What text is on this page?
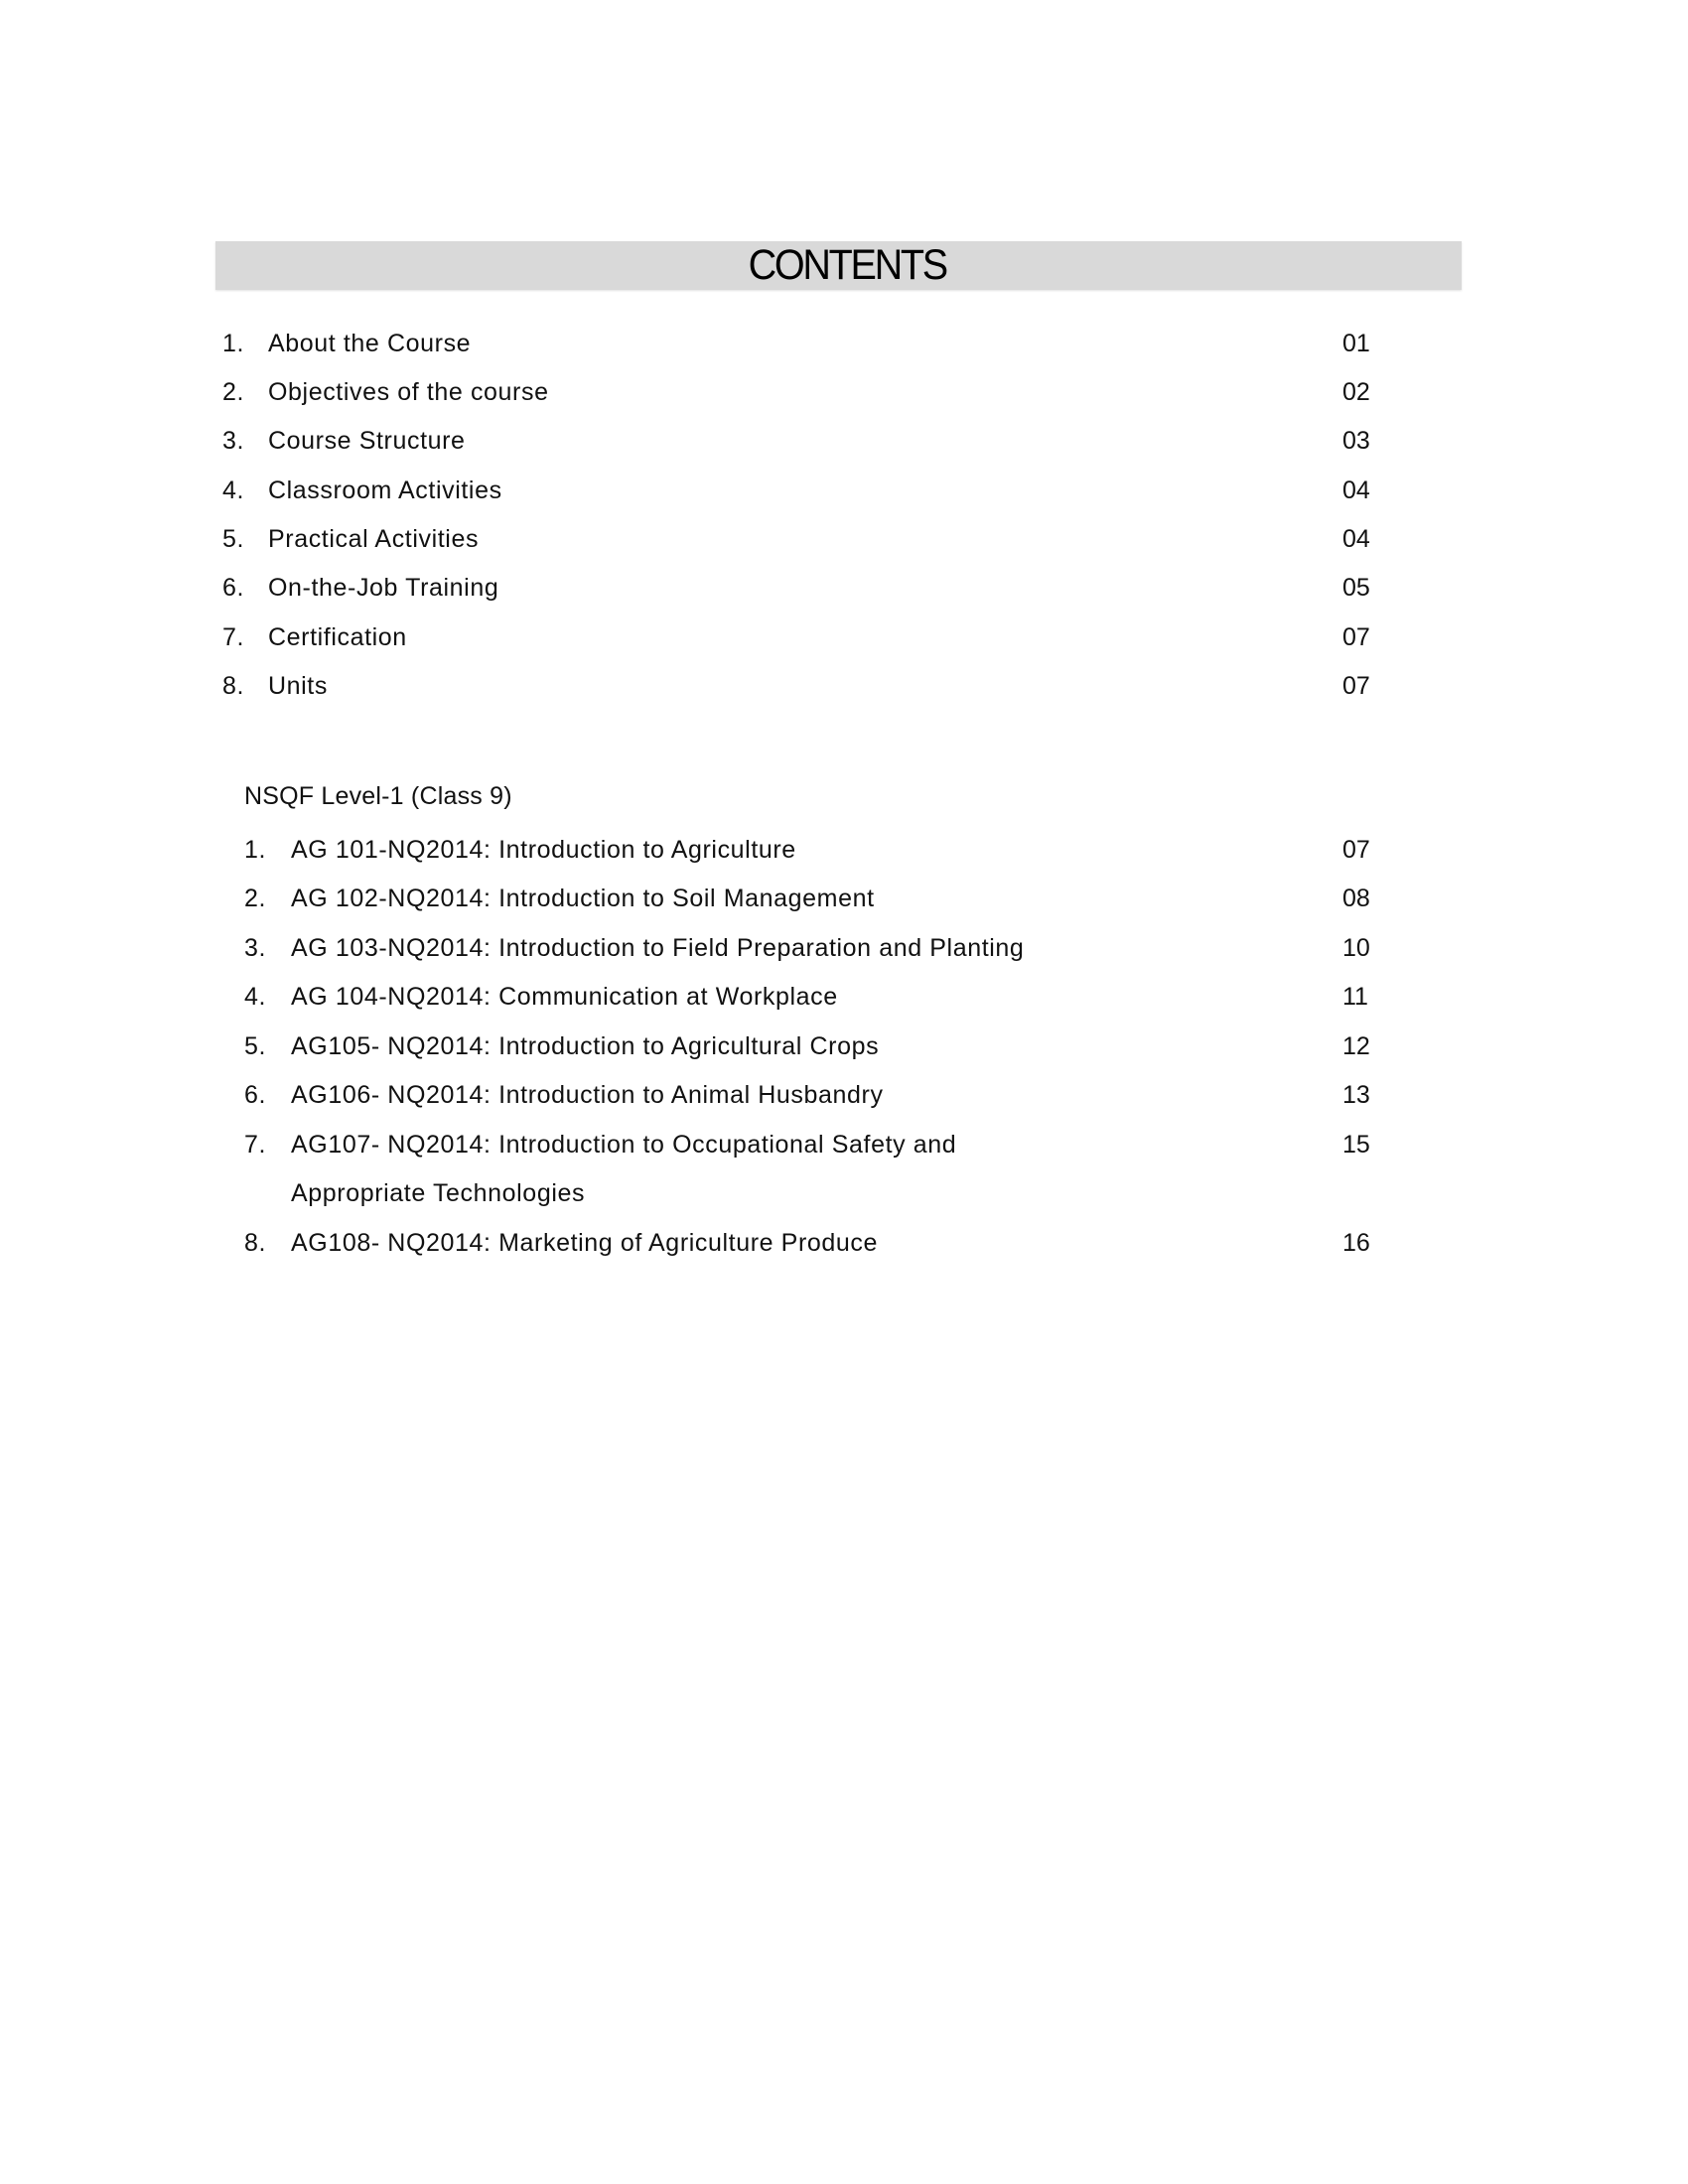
CONTENTS
1. About the Course	01
2. Objectives of the course	02
3. Course Structure	03
4. Classroom Activities	04
5. Practical Activities	04
6. On-the-Job Training	05
7. Certification	07
8. Units	07
NSQF Level-1 (Class 9)
1. AG 101-NQ2014: Introduction to Agriculture	07
2. AG 102-NQ2014: Introduction to Soil Management	08
3. AG 103-NQ2014: Introduction to Field Preparation and Planting	10
4. AG 104-NQ2014: Communication at Workplace	11
5. AG105- NQ2014: Introduction to Agricultural Crops	12
6. AG106- NQ2014: Introduction to Animal Husbandry	13
7. AG107- NQ2014: Introduction to Occupational Safety and	15
Appropriate Technologies
8. AG108- NQ2014: Marketing of Agriculture Produce	16
